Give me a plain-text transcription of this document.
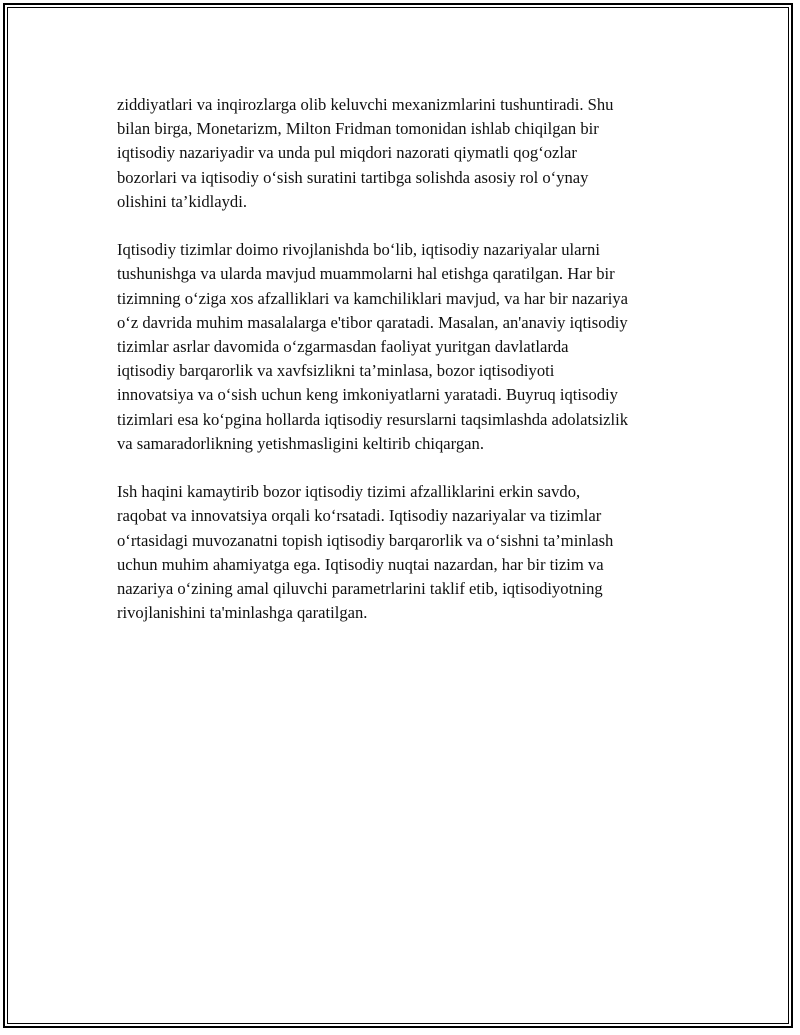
ziddiyatlari va inqirozlarga olib keluvchi mexanizmlarini tushuntiradi. Shu
bilan birga, Monetarizm, Milton Fridman tomonidan ishlab chiqilgan bir
iqtisodiy nazariyadir va unda pul miqdori nazorati qiymatli qog‘ozlar
bozorlari va iqtisodiy o‘sish suratini tartibga solishda asosiy rol o‘ynay
olishini ta’kidlaydi.

Iqtisodiy tizimlar doimo rivojlanishda bo‘lib, iqtisodiy nazariyalar ularni
tushunishga va ularda mavjud muammolarni hal etishga qaratilgan. Har bir
tizimning o‘ziga xos afzalliklari va kamchiliklari mavjud, va har bir nazariya
o‘z davrida muhim masalalarga e'tibor qaratadi. Masalan, an'anaviy iqtisodiy
tizimlar asrlar davomida o‘zgarmasdan faoliyat yuritgan davlatlarda
iqtisodiy barqarorlik va xavfsizlikni ta’minlasa, bozor iqtisodiyoti
innovatsiya va o‘sish uchun keng imkoniyatlarni yaratadi. Buyruq iqtisodiy
tizimlari esa ko‘pgina hollarda iqtisodiy resurslarni taqsimlashda adolatsizlik
va samaradorlikning yetishmasligini keltirib chiqargan.

Ish haqini kamaytirib bozor iqtisodiy tizimi afzalliklarini erkin savdo,
raqobat va innovatsiya orqali ko‘rsatadi. Iqtisodiy nazariyalar va tizimlar
o‘rtasidagi muvozanatni topish iqtisodiy barqarorlik va o‘sishni ta’minlash
uchun muhim ahamiyatga ega. Iqtisodiy nuqtai nazardan, har bir tizim va
nazariya o‘zining amal qiluvchi parametrlarini taklif etib, iqtisodiyotning
rivojlanishini ta'minlashga qaratilgan.
